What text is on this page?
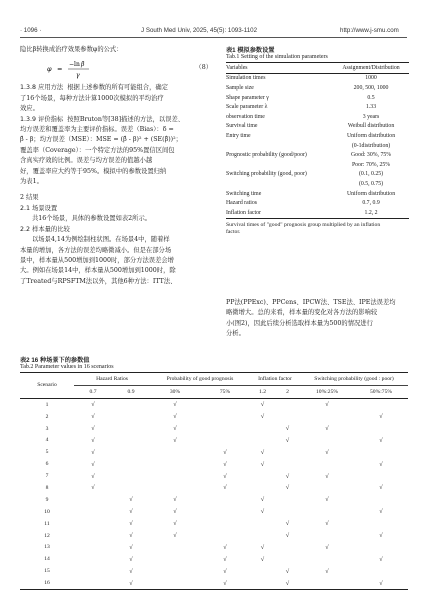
· 1096 ·	J South Med Univ, 2025, 45(5): 1093-1102	http://www.j-smu.com

隐比β转换成治疗效果参数φ的公式：

φ =
−ln β
γ
（8）

1.3.8 应用方法 根据上述参数的所有可能组合，确定

了16个场景，每种方法计算1000次模拟的平均治疗

效应。

1.3.9 评价指标 按照Bruton等[38]描述的方法，以误差、

均方误差和覆盖率为主要评价指标。误差（Bias）：δ =

β̂ - β；均方误差（MSE）：MSE = (β̂ - β)² + (SE(β̂))²；

覆盖率（Coverage）：一个特定方法的95%置信区间包

含真实疗效的比例。误差与均方误差的值越小越

好，覆盖率应大约等于95%。模拟中的参数设置归纳

为表1。

2 结果

2.1 场景设置

共16个场景，具体的参数设置如表2所示。

2.2 样本量的比较

以场景4,14为例绘制柱状图。在场景4中，随着样

本量的增加，各方法的误差均略微减小。但是在部分场

景中，样本量从500增加到1000时，部分方法误差会增

大。例如在场景14中，样本量从500增加到1000时，除

了Treated与RPSFTM法以外，其他6种方法：ITT法、

表1 模拟参数设置
Tab.1 Setting of the simulation parameters
Variables	Assignment/Distribution
Simulation times	1000
Sample size	200, 500, 1000
Shape parameter γ	0.5
Scale parameter λ	1.33
observation time	3 years
Survival time	Weibull distribution
Entry time	Uniform distribution
	(0-1distribution)
Prognostic probability (good/poor)	Good: 30%, 75%
	Poor: 70%, 25%
Switching probability (good, poor)	(0.1, 0.25)
	(0.5, 0.75)
Switching time	Uniform distribution
Hazard ratios	0.7, 0.9
Inflation factor	1.2, 2
Survival times of "good" prognosis group multiplied by an inflation
factor.

PP法(PPExc)、PPCens、IPCW法、TSE法、IPE法误差均

略微增大。总的来看，样本量的变化对各方法的影响较

小(图2)，因此后续分析选取样本量为500的情况进行

分析。

表2 16 种场景下的参数值
Tab.2 Parameter values in 16 scenarios
Scenario	Hazard Ratios		Probability of good prognosis		Inflation factor		Switching probability (good : poor)	
	0.7	0.9	30%	75%	1.2	2	10%:25%	50%:75%
1	√		√		√		√	
2	√		√		√			√
3	√		√			√	√	
4	√		√			√		√
5	√			√	√		√	
6	√			√	√			√
7	√			√		√	√	
8	√			√		√		√
9		√	√		√		√	
10		√	√		√			√
11		√	√			√	√	
12		√	√			√		√
13		√		√	√		√	
14		√		√	√			√
15		√		√		√	√	
16		√		√		√		√
